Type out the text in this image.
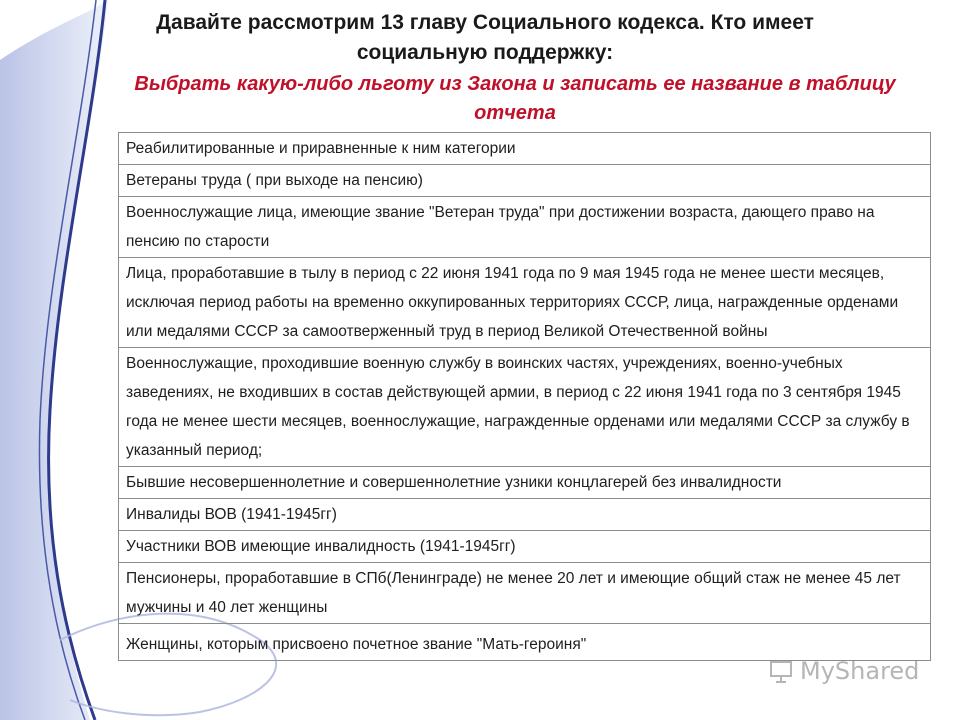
Давайте рассмотрим 13 главу Социального кодекса. Кто имеет социальную поддержку:
Выбрать какую-либо льготу из Закона и записать ее название в таблицу отчета
Реабилитированные и приравненные к ним категории
Ветераны труда ( при выходе на пенсию)
Военнослужащие лица, имеющие звание "Ветеран труда" при достижении возраста, дающего право на пенсию по старости
Лица, проработавшие в тылу в период с 22 июня 1941 года по 9 мая 1945 года не менее шести месяцев, исключая период работы на временно оккупированных территориях СССР, лица, награжденные орденами или медалями СССР за самоотверженный труд в период Великой Отечественной войны
Военнослужащие, проходившие военную службу в воинских частях, учреждениях, военно-учебных заведениях, не входивших в состав действующей армии, в период с 22 июня 1941 года по 3 сентября 1945 года не менее шести месяцев, военнослужащие, награжденные орденами или медалями СССР за службу в указанный период;
Бывшие несовершеннолетние и совершеннолетние узники концлагерей без инвалидности
Инвалиды ВОВ (1941-1945гг)
Участники ВОВ имеющие инвалидность (1941-1945гг)
Пенсионеры, проработавшие в СПб(Ленинграде) не менее 20 лет и имеющие общий стаж не менее 45 лет мужчины и 40 лет женщины
Женщины, которым присвоено почетное звание "Мать-героиня"
MyShared
